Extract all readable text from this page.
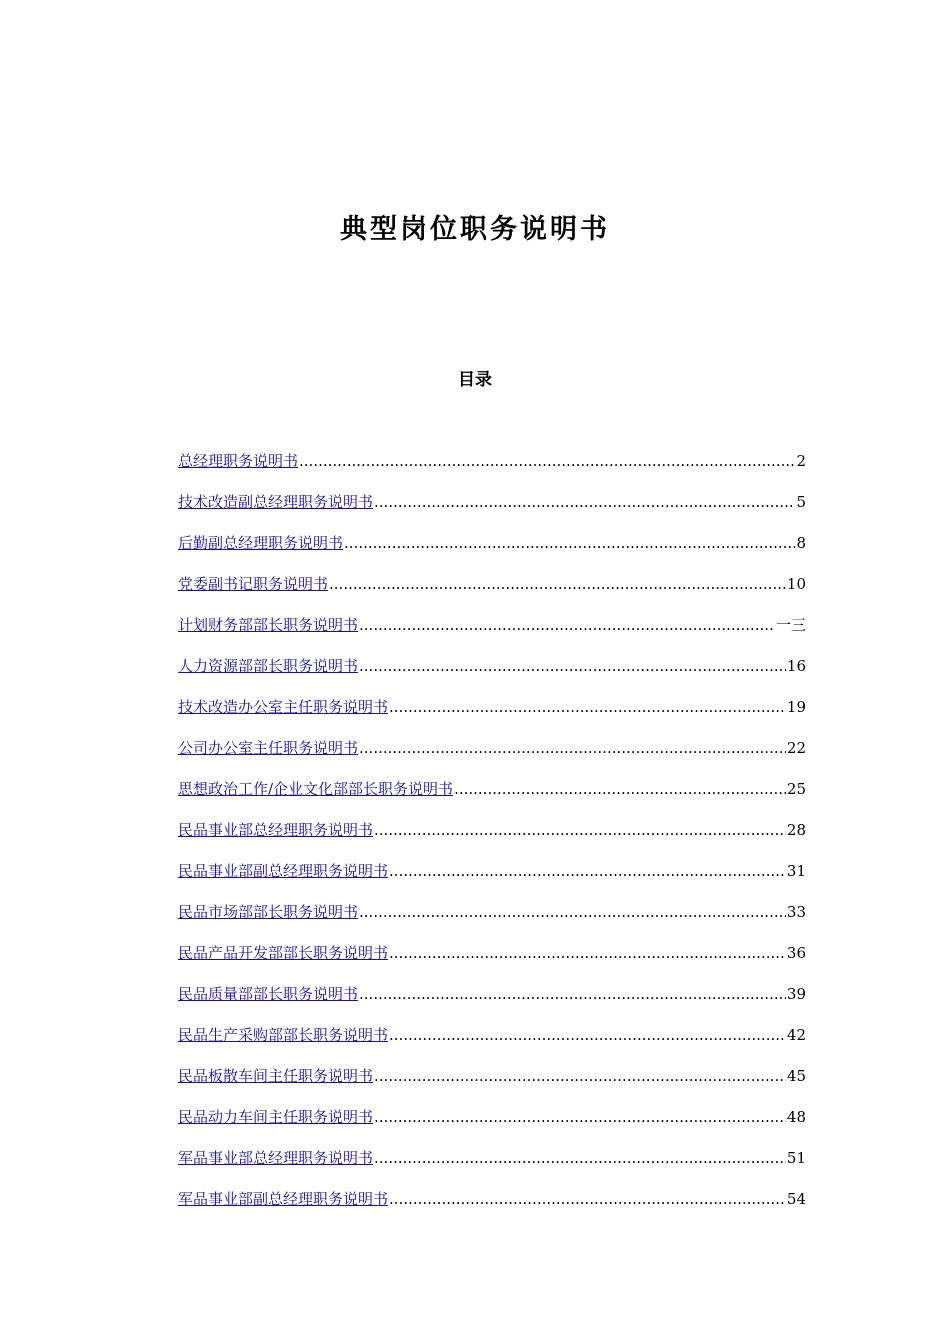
典型岗位职务说明书
目录
总经理职务说明书 .....	2
技术改造副总经理职务说明书 .....	5
后勤副总经理职务说明书 .....	8
党委副书记职务说明书 .....	10
计划财务部部长职务说明书 .....	一三
人力资源部部长职务说明书 .....	16
技术改造办公室主任职务说明书 .....	19
公司办公室主任职务说明书 .....	22
思想政治工作/企业文化部部长职务说明书 .....	25
民品事业部总经理职务说明书 .....	28
民品事业部副总经理职务说明书 .....	31
民品市场部部长职务说明书 .....	33
民品产品开发部部长职务说明书 .....	36
民品质量部部长职务说明书 .....	39
民品生产采购部部长职务说明书 .....	42
民品板散车间主任职务说明书 .....	45
民品动力车间主任职务说明书 .....	48
军品事业部总经理职务说明书 .....	51
军品事业部副总经理职务说明书 .....	54
